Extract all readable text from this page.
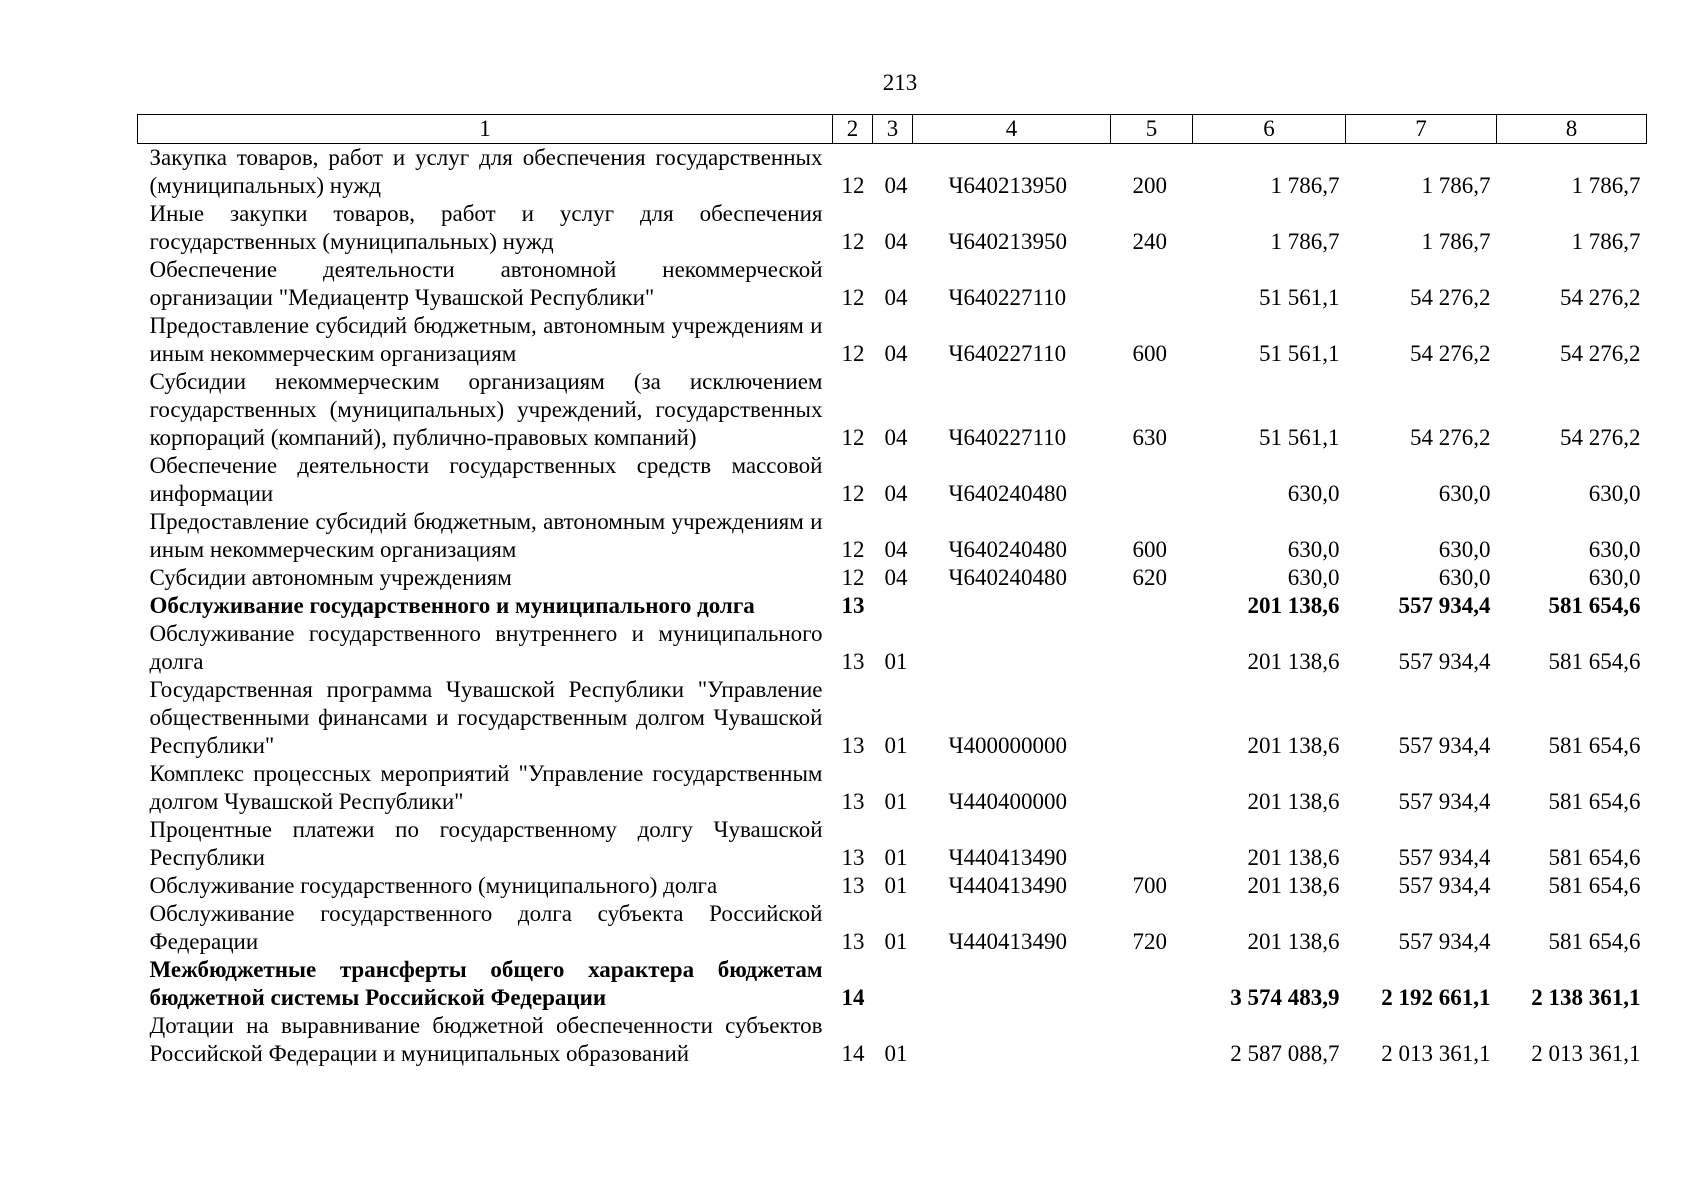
213
1	2	3	4	5	6	7	8
Закупка товаров, работ и услуг для обеспечения государственных (муниципальных) нужд	12	04	Ч640213950	200	1 786,7	1 786,7	1 786,7
Иные закупки товаров, работ и услуг для обеспечения государственных (муниципальных) нужд	12	04	Ч640213950	240	1 786,7	1 786,7	1 786,7
Обеспечение деятельности автономной некоммерческой организации "Медиацентр Чувашской Республики"	12	04	Ч640227110		51 561,1	54 276,2	54 276,2
Предоставление субсидий бюджетным, автономным учреждениям и иным некоммерческим организациям	12	04	Ч640227110	600	51 561,1	54 276,2	54 276,2
Субсидии некоммерческим организациям (за исключением государственных (муниципальных) учреждений, государственных корпораций (компаний), публично-правовых компаний)	12	04	Ч640227110	630	51 561,1	54 276,2	54 276,2
Обеспечение деятельности государственных средств массовой информации	12	04	Ч640240480		630,0	630,0	630,0
Предоставление субсидий бюджетным, автономным учреждениям и иным некоммерческим организациям	12	04	Ч640240480	600	630,0	630,0	630,0
Субсидии автономным учреждениям	12	04	Ч640240480	620	630,0	630,0	630,0
Обслуживание государственного и муниципального долга	13				201 138,6	557 934,4	581 654,6
Обслуживание государственного внутреннего и муниципального долга	13	01			201 138,6	557 934,4	581 654,6
Государственная программа Чувашской Республики "Управление общественными финансами и государственным долгом Чувашской Республики"	13	01	Ч400000000		201 138,6	557 934,4	581 654,6
Комплекс процессных мероприятий "Управление государственным долгом Чувашской Республики"	13	01	Ч440400000		201 138,6	557 934,4	581 654,6
Процентные платежи по государственному долгу Чувашской Республики	13	01	Ч440413490		201 138,6	557 934,4	581 654,6
Обслуживание государственного (муниципального) долга	13	01	Ч440413490	700	201 138,6	557 934,4	581 654,6
Обслуживание государственного долга субъекта Российской Федерации	13	01	Ч440413490	720	201 138,6	557 934,4	581 654,6
Межбюджетные трансферты общего характера бюджетам бюджетной системы Российской Федерации	14				3 574 483,9	2 192 661,1	2 138 361,1
Дотации на выравнивание бюджетной обеспеченности субъектов Российской Федерации и муниципальных образований	14	01			2 587 088,7	2 013 361,1	2 013 361,1
